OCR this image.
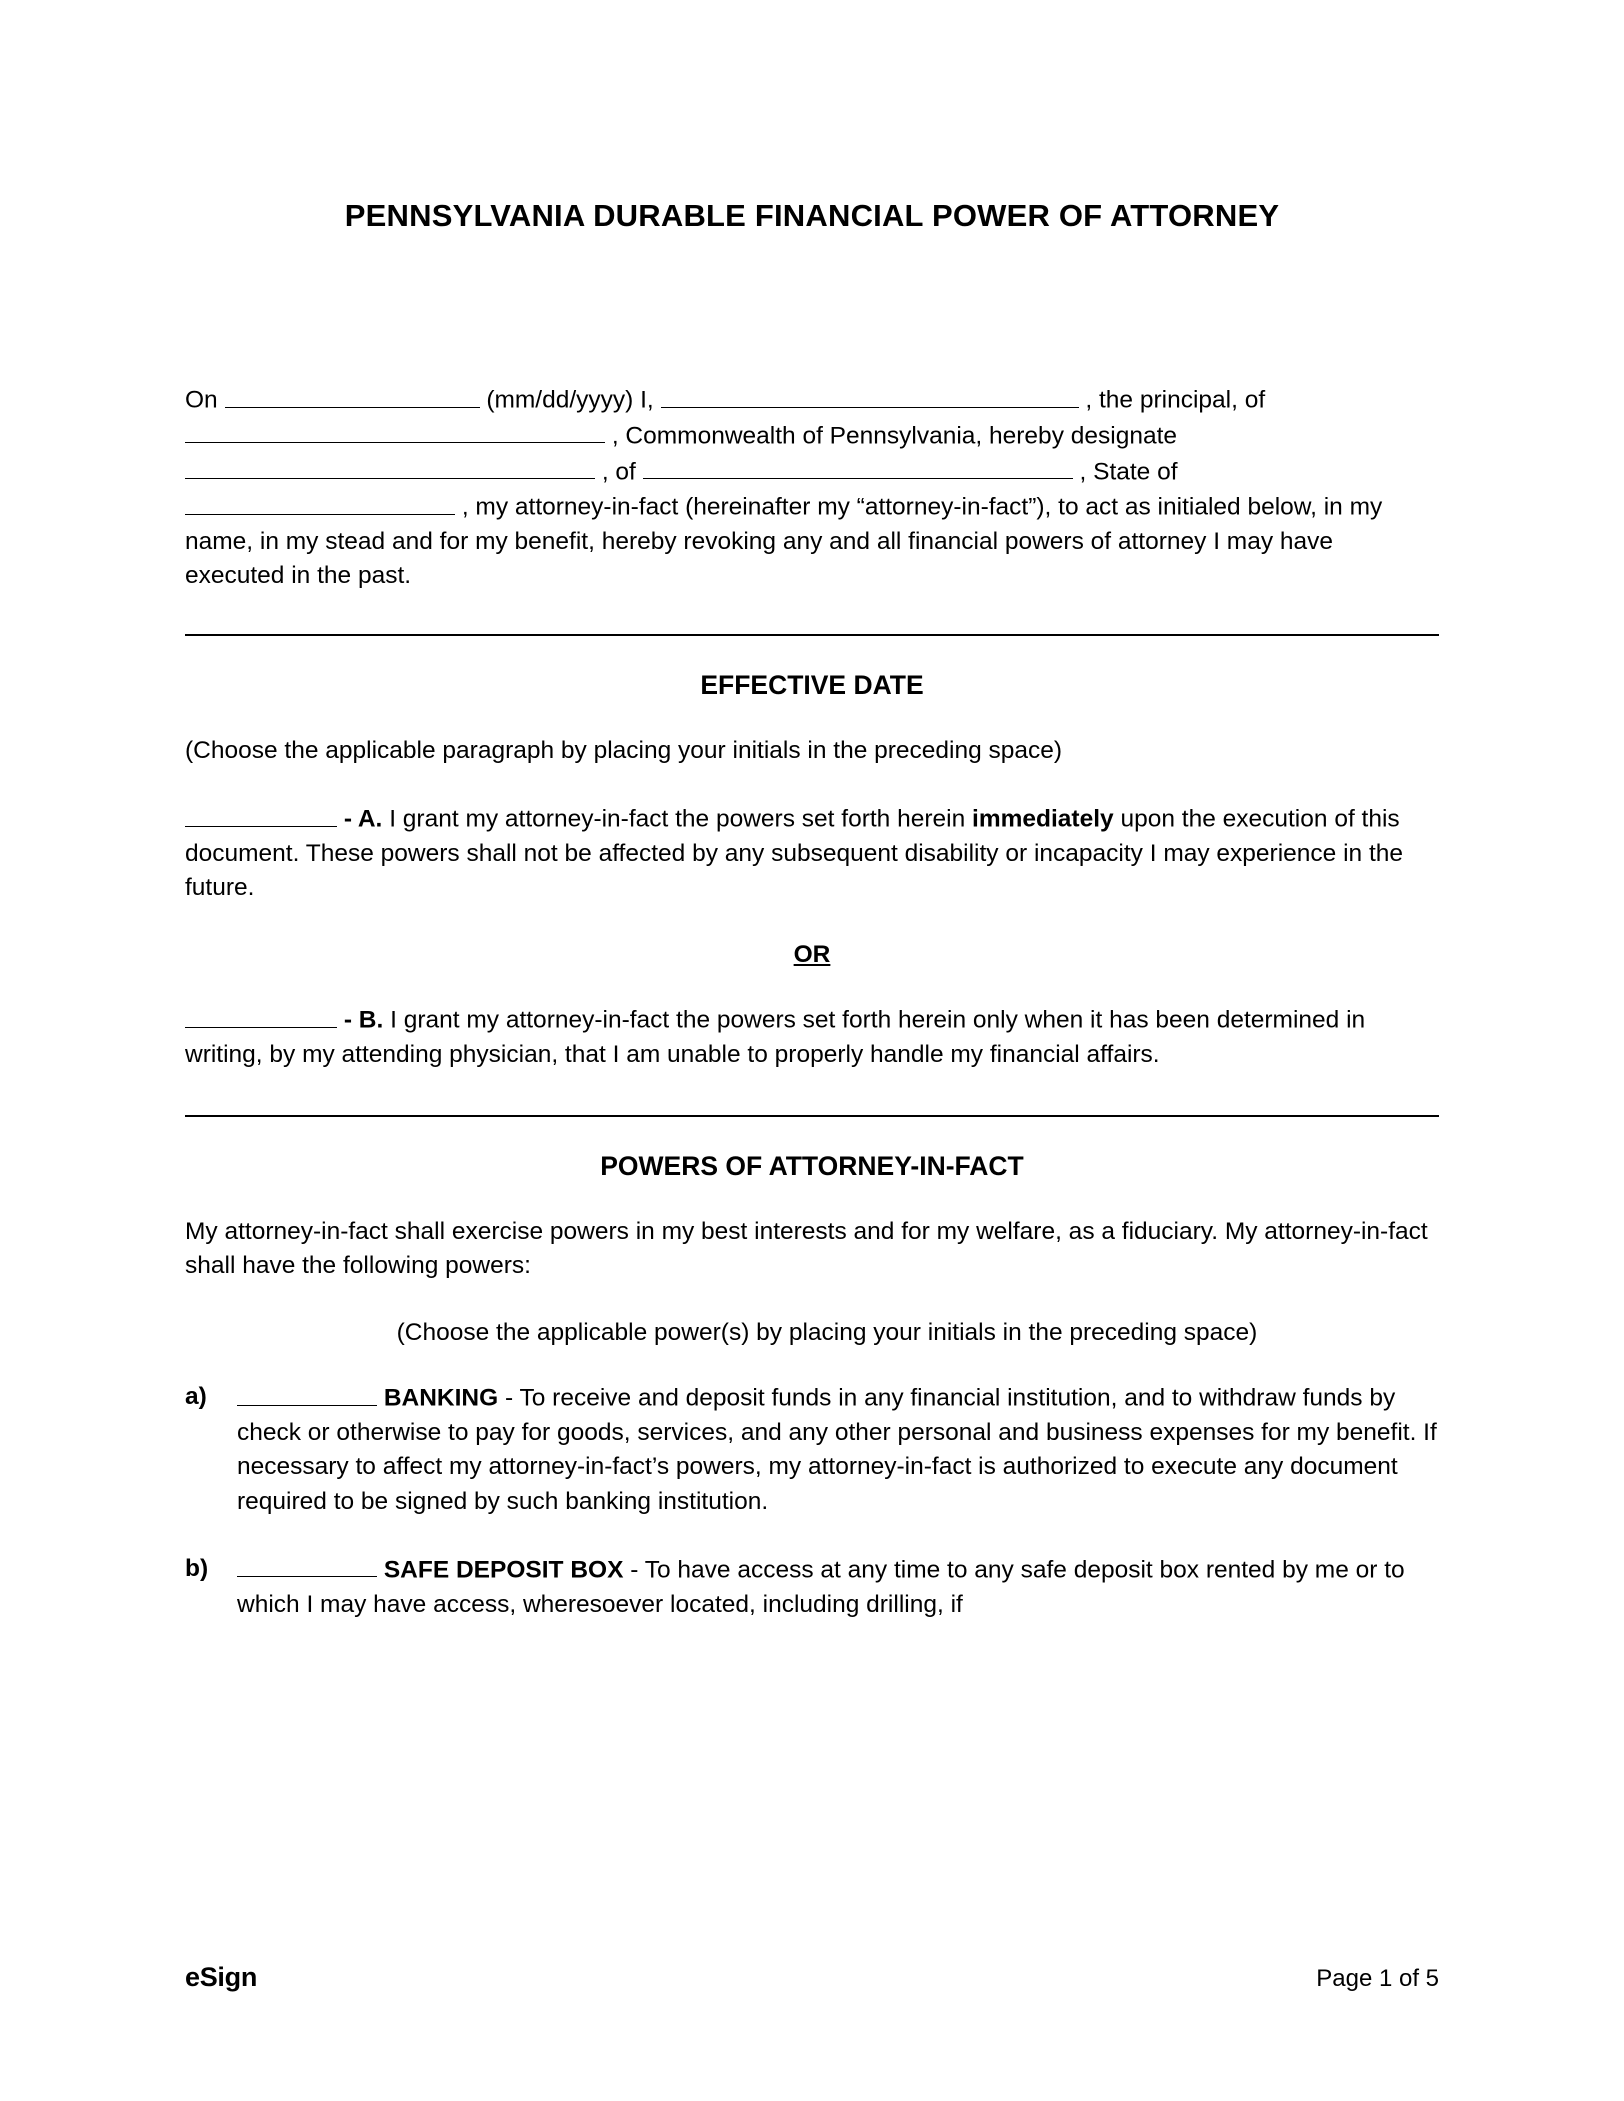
PENNSYLVANIA DURABLE FINANCIAL POWER OF ATTORNEY
On	(mm/dd/yyyy) I,	, the principal, of  , Commonwealth of Pennsylvania, hereby designate  , of	, State of  , my attorney-in-fact (hereinafter my “attorney-in-fact”), to act as initialed below, in my name, in my stead and for my benefit, hereby revoking any and all financial powers of attorney I may have executed in the past.
EFFECTIVE DATE
(Choose the applicable paragraph by placing your initials in the preceding space)
- A. I grant my attorney-in-fact the powers set forth herein immediately upon the execution of this document. These powers shall not be affected by any subsequent disability or incapacity I may experience in the future.
OR
- B. I grant my attorney-in-fact the powers set forth herein only when it has been determined in writing, by my attending physician, that I am unable to properly handle my financial affairs.
POWERS OF ATTORNEY-IN-FACT
My attorney-in-fact shall exercise powers in my best interests and for my welfare, as a fiduciary. My attorney-in-fact shall have the following powers:
(Choose the applicable power(s) by placing your initials in the preceding space)
a)	BANKING - To receive and deposit funds in any financial institution, and to withdraw funds by check or otherwise to pay for goods, services, and any other personal and business expenses for my benefit. If necessary to affect my attorney-in-fact’s powers, my attorney-in-fact is authorized to execute any document required to be signed by such banking institution.
b)	SAFE DEPOSIT BOX - To have access at any time to any safe deposit box rented by me or to which I may have access, wheresoever located, including drilling, if
eSign	Page 1 of 5
